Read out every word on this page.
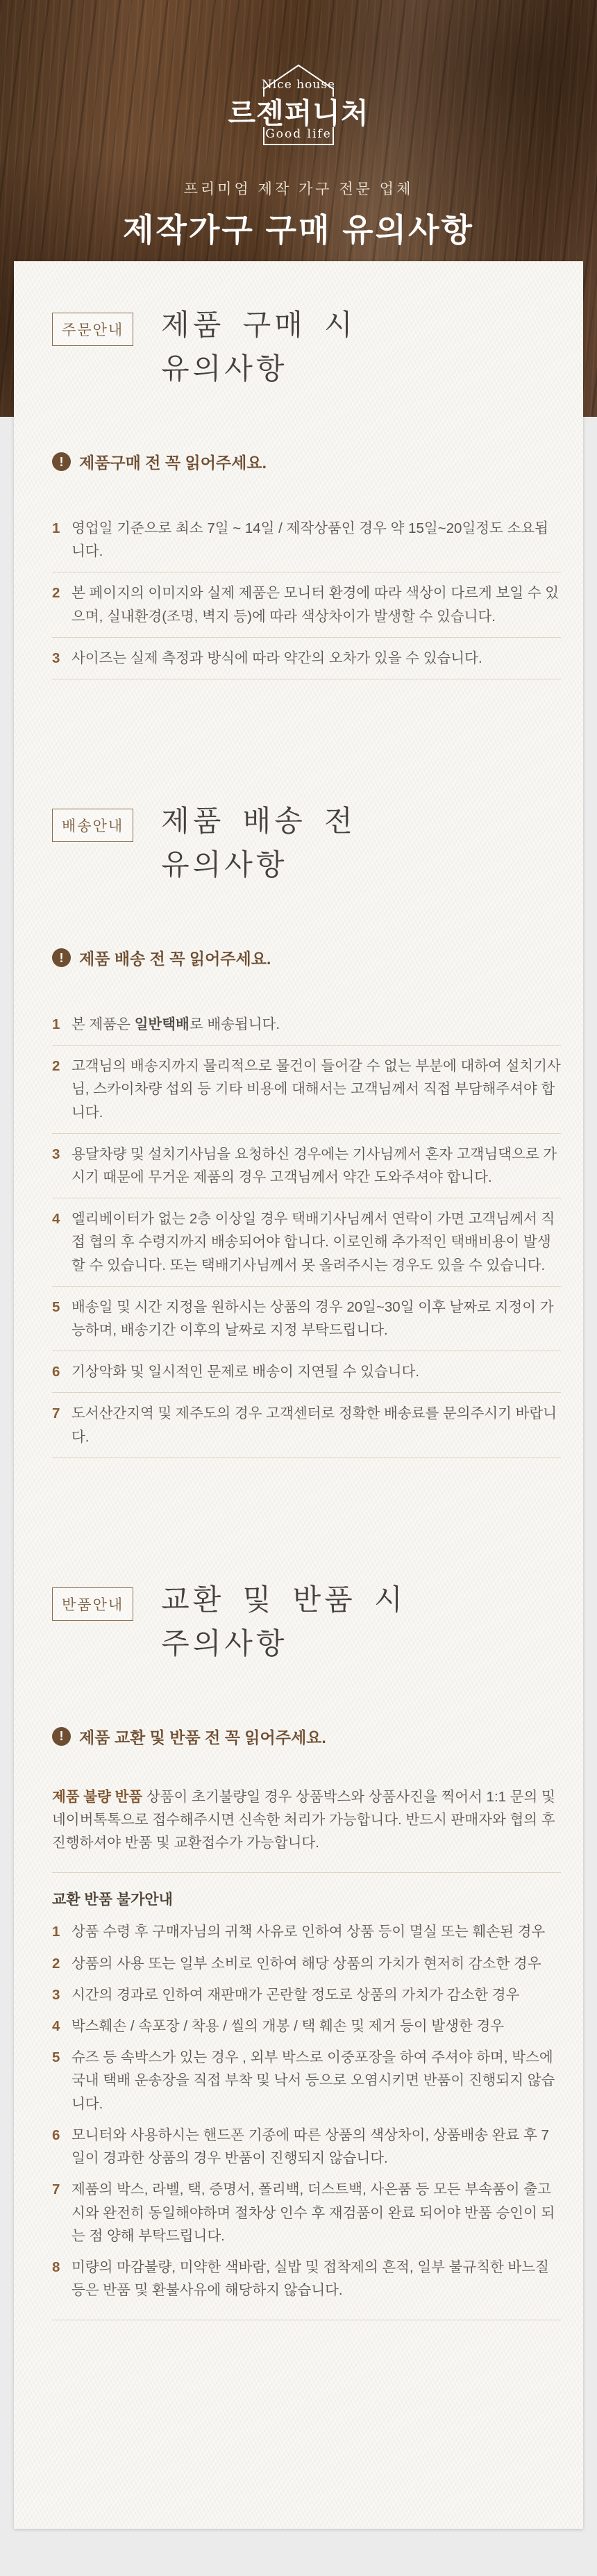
Nice house
르젠퍼니처
Good life
프리미엄 제작 가구 전문 업체
제작가구 구매 유의사항
주문안내	제품 구매 시
유의사항
! 제품구매 전 꼭 읽어주세요.
1 영업일 기준으로 최소 7일 ~ 14일 / 제작상품인 경우 약 15일~20일정도 소요됩니다.
2 본 페이지의 이미지와 실제 제품은 모니터 환경에 따라 색상이 다르게 보일 수 있으며, 실내환경(조명, 벽지 등)에 따라 색상차이가 발생할 수 있습니다.
3 사이즈는 실제 측정과 방식에 따라 약간의 오차가 있을 수 있습니다.
배송안내	제품 배송 전
유의사항
! 제품 배송 전 꼭 읽어주세요.
1 본 제품은 일반택배로 배송됩니다.
2 고객님의 배송지까지 물리적으로 물건이 들어갈 수 없는 부분에 대하여 설치기사님, 스카이차량 섭외 등 기타 비용에 대해서는 고객님께서 직접 부담해주셔야 합니다.
3 용달차량 및 설치기사님을 요청하신 경우에는 기사님께서 혼자 고객님댁으로 가시기 때문에 무거운 제품의 경우 고객님께서 약간 도와주셔야 합니다.
4 엘리베이터가 없는 2층 이상일 경우 택배기사님께서 연락이 가면 고객님께서 직접 협의 후 수령지까지 배송되어야 합니다. 이로인해 추가적인 택배비용이 발생할 수 있습니다. 또는 택배기사님께서 못 올려주시는 경우도 있을 수 있습니다.
5 배송일 및 시간 지정을 원하시는 상품의 경우 20일~30일 이후 날짜로 지정이 가능하며, 배송기간 이후의 날짜로 지정 부탁드립니다.
6 기상악화 및 일시적인 문제로 배송이 지연될 수 있습니다.
7 도서산간지역 및 제주도의 경우 고객센터로 정확한 배송료를 문의주시기 바랍니다.
반품안내	교환 및 반품 시
주의사항
! 제품 교환 및 반품 전 꼭 읽어주세요.

제품 불량 반품 상품이 초기불량일 경우 상품박스와 상품사진을 찍어서 1:1 문의 및 네이버톡톡으로 접수해주시면 신속한 처리가 가능합니다. 반드시 판매자와 협의 후 진행하셔야 반품 및 교환접수가 가능합니다.

교환 반품 불가안내
1 상품 수령 후 구매자님의 귀책 사유로 인하여 상품 등이 멸실 또는 훼손된 경우
2 상품의 사용 또는 일부 소비로 인하여 해당 상품의 가치가 현저히 감소한 경우
3 시간의 경과로 인하여 재판매가 곤란할 정도로 상품의 가치가 감소한 경우
4 박스훼손 / 속포장 / 착용 / 씰의 개봉 / 택 훼손 및 제거 등이 발생한 경우
5 슈즈 등 속박스가 있는 경우 , 외부 박스로 이중포장을 하여 주셔야 하며, 박스에 국내 택배 운송장을 직접 부착 및 낙서 등으로 오염시키면 반품이 진행되지 않습니다.
6 모니터와 사용하시는 핸드폰 기종에 따른 상품의 색상차이, 상품배송 완료 후 7일이 경과한 상품의 경우 반품이 진행되지 않습니다.
7 제품의 박스, 라벨, 택, 증명서, 폴리백, 더스트백, 사은품 등 모든 부속품이 출고 시와 완전히 동일해야하며 절차상 인수 후 재검품이 완료 되어야 반품 승인이 되는 점 양해 부탁드립니다.
8 미량의 마감불량, 미약한 색바람, 실밥 및 접착제의 흔적, 일부 불규칙한 바느질 등은 반품 및 환불사유에 해당하지 않습니다.
